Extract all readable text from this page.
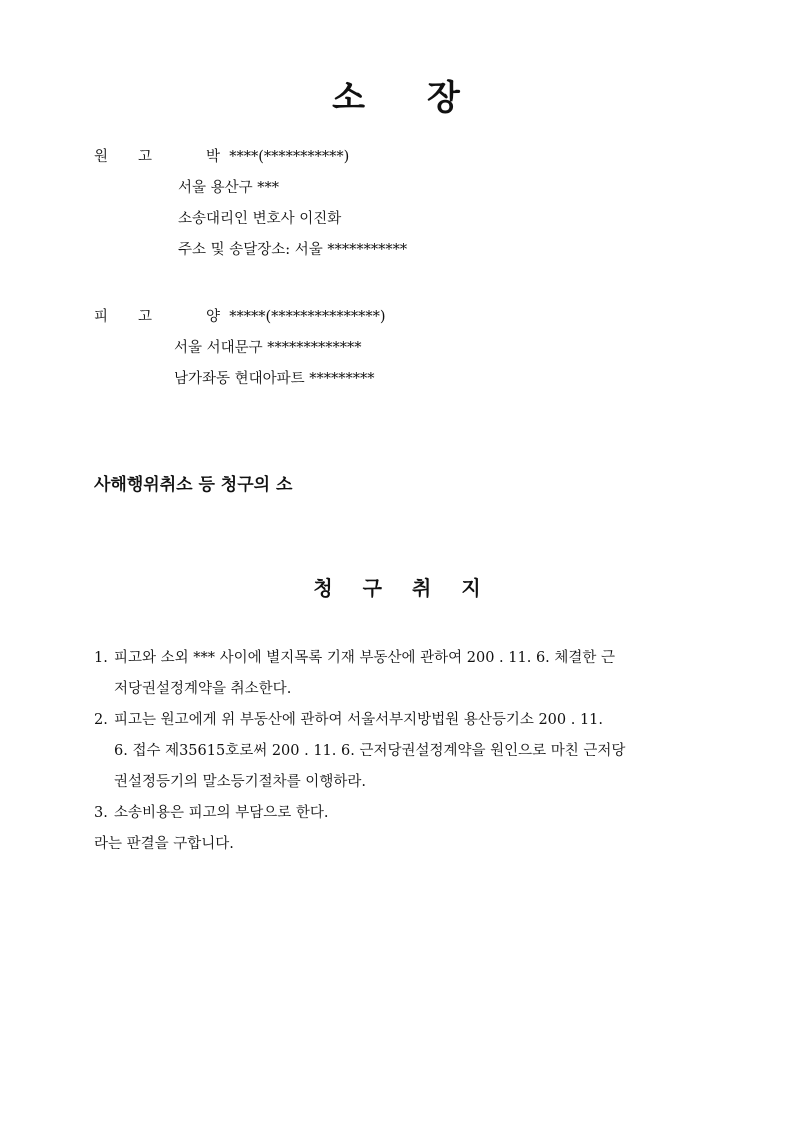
소 장
원 고	박 ****(***********)
서울 용산구 ***
소송대리인 변호사 이진화
주소 및 송달장소: 서울 ***********
피 고	양 *****(***************)
서울 서대문구 *************
남가좌동 현대아파트 *********
사해행위취소 등 청구의 소
청 구 취 지
1. 피고와 소외 *** 사이에 별지목록 기재 부동산에 관하여 200 . 11. 6. 체결한 근
저당권설정계약을 취소한다.
2. 피고는 원고에게 위 부동산에 관하여 서울서부지방법원 용산등기소 200 . 11.
6. 접수 제35615호로써 200 . 11. 6. 근저당권설정계약을 원인으로 마친 근저당
권설정등기의 말소등기절차를 이행하라.
3. 소송비용은 피고의 부담으로 한다.
라는 판결을 구합니다.
